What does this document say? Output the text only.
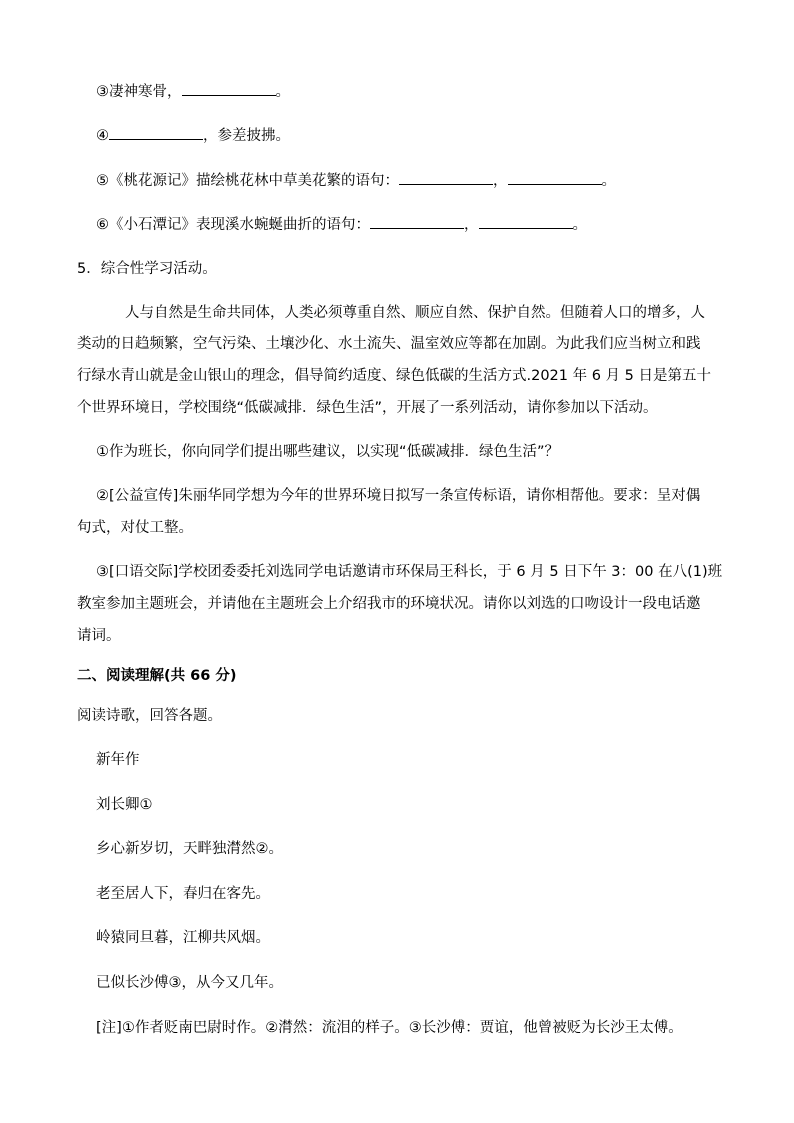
③凄神寒骨，	。
④	，参差披拂。
⑤《桃花源记》描绘桃花林中草美花繁的语句：	，	。
⑥《小石潭记》表现溪水蜿蜒曲折的语句：	，	。
5．综合性学习活动。
人与自然是生命共同体，人类必须尊重自然、顺应自然、保护自然。但随着人口的增多，人
类动的日趋频繁，空气污染、土壤沙化、水土流失、温室效应等都在加剧。为此我们应当树立和践
行绿水青山就是金山银山的理念，倡导简约适度、绿色低碳的生活方式.2021 年 6 月 5 日是第五十
个世界环境日，学校围绕“低碳减排．绿色生活”，开展了一系列活动，请你参加以下活动。
①作为班长，你向同学们提出哪些建议，以实现“低碳减排．绿色生活”？
②[公益宣传]朱丽华同学想为今年的世界环境日拟写一条宣传标语，请你相帮他。要求：呈对偶
句式，对仗工整。
③[口语交际]学校团委委托刘选同学电话邀请市环保局王科长，于 6 月 5 日下午 3：00 在八(1)班
教室参加主题班会，并请他在主题班会上介绍我市的环境状况。请你以刘选的口吻设计一段电话邀
请词。
二、阅读理解(共 66 分)
阅读诗歌，回答各题。
新年作
刘长卿①
乡心新岁切，天畔独潸然②。
老至居人下，春归在客先。
岭猿同旦暮，江柳共风烟。
已似长沙傅③，从今又几年。
[注]①作者贬南巴尉时作。②潸然：流泪的样子。③长沙傅：贾谊，他曾被贬为长沙王太傅。
